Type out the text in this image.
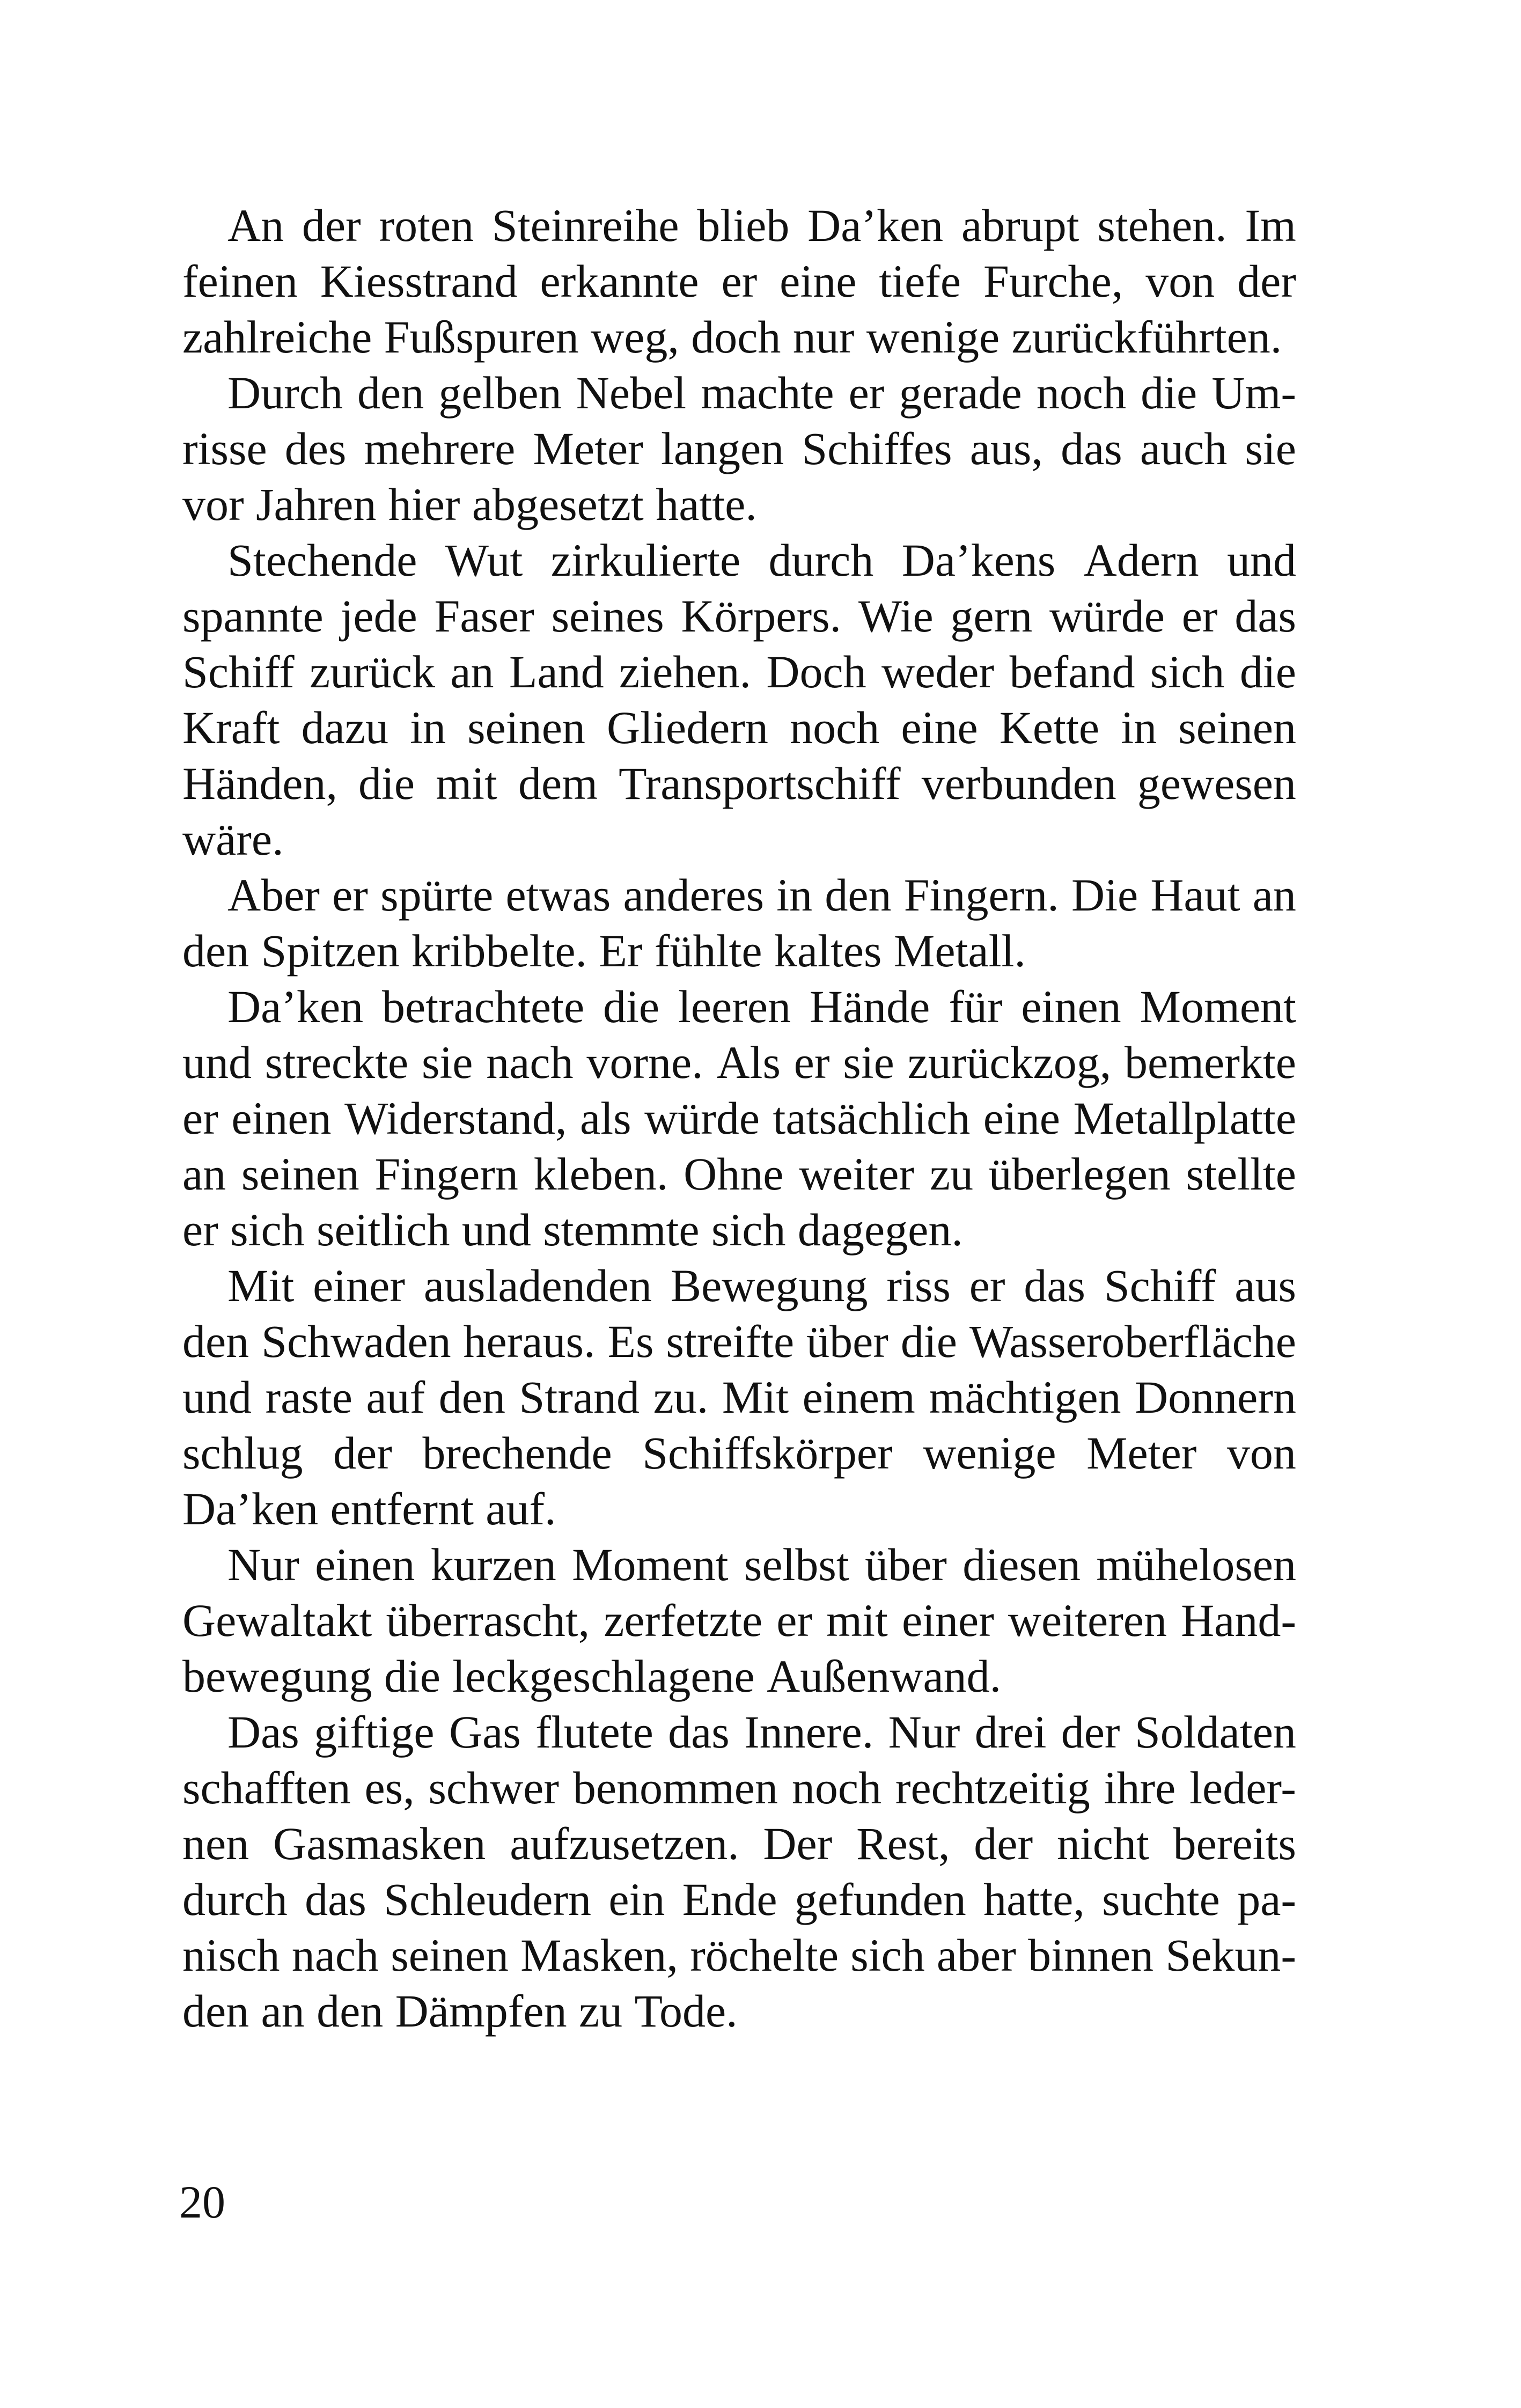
An der roten Steinreihe blieb Da’ken abrupt stehen. Im
feinen Kiesstrand erkannte er eine tiefe Furche, von der
zahlreiche Fußspuren weg, doch nur wenige zurückführten.
Durch den gelben Nebel machte er gerade noch die Um-
risse des mehrere Meter langen Schiffes aus, das auch sie
vor Jahren hier abgesetzt hatte.
Stechende Wut zirkulierte durch Da’kens Adern und
spannte jede Faser seines Körpers. Wie gern würde er das
Schiff zurück an Land ziehen. Doch weder befand sich die
Kraft dazu in seinen Gliedern noch eine Kette in seinen
Händen, die mit dem Transportschiff verbunden gewesen
wäre.
Aber er spürte etwas anderes in den Fingern. Die Haut an
den Spitzen kribbelte. Er fühlte kaltes Metall.
Da’ken betrachtete die leeren Hände für einen Moment
und streckte sie nach vorne. Als er sie zurückzog, bemerkte
er einen Widerstand, als würde tatsächlich eine Metallplatte
an seinen Fingern kleben. Ohne weiter zu überlegen stellte
er sich seitlich und stemmte sich dagegen.
Mit einer ausladenden Bewegung riss er das Schiff aus
den Schwaden heraus. Es streifte über die Wasseroberfläche
und raste auf den Strand zu. Mit einem mächtigen Donnern
schlug der brechende Schiffskörper wenige Meter von
Da’ken entfernt auf.
Nur einen kurzen Moment selbst über diesen mühelosen
Gewaltakt überrascht, zerfetzte er mit einer weiteren Hand-
bewegung die leckgeschlagene Außenwand.
Das giftige Gas flutete das Innere. Nur drei der Soldaten
schafften es, schwer benommen noch rechtzeitig ihre leder-
nen Gasmasken aufzusetzen. Der Rest, der nicht bereits
durch das Schleudern ein Ende gefunden hatte, suchte pa-
nisch nach seinen Masken, röchelte sich aber binnen Sekun-
den an den Dämpfen zu Tode.
20
